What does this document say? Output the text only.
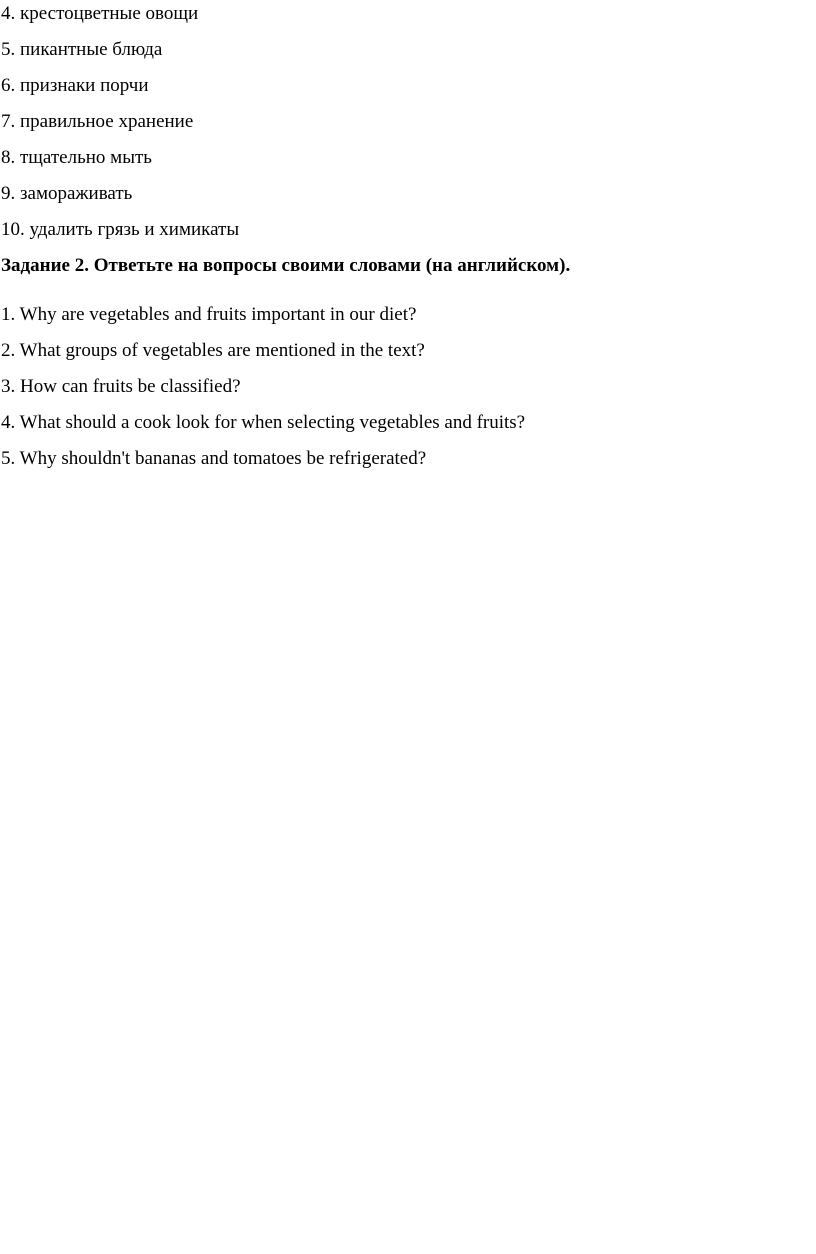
4. крестоцветные овощи
5. пикантные блюда
6. признаки порчи
7. правильное хранение
8. тщательно мыть
9. замораживать
10. удалить грязь и химикаты
Задание 2. Ответьте на вопросы своими словами (на английском).
1. Why are vegetables and fruits important in our diet?
2. What groups of vegetables are mentioned in the text?
3. How can fruits be classified?
4. What should a cook look for when selecting vegetables and fruits?
5. Why shouldn't bananas and tomatoes be refrigerated?
